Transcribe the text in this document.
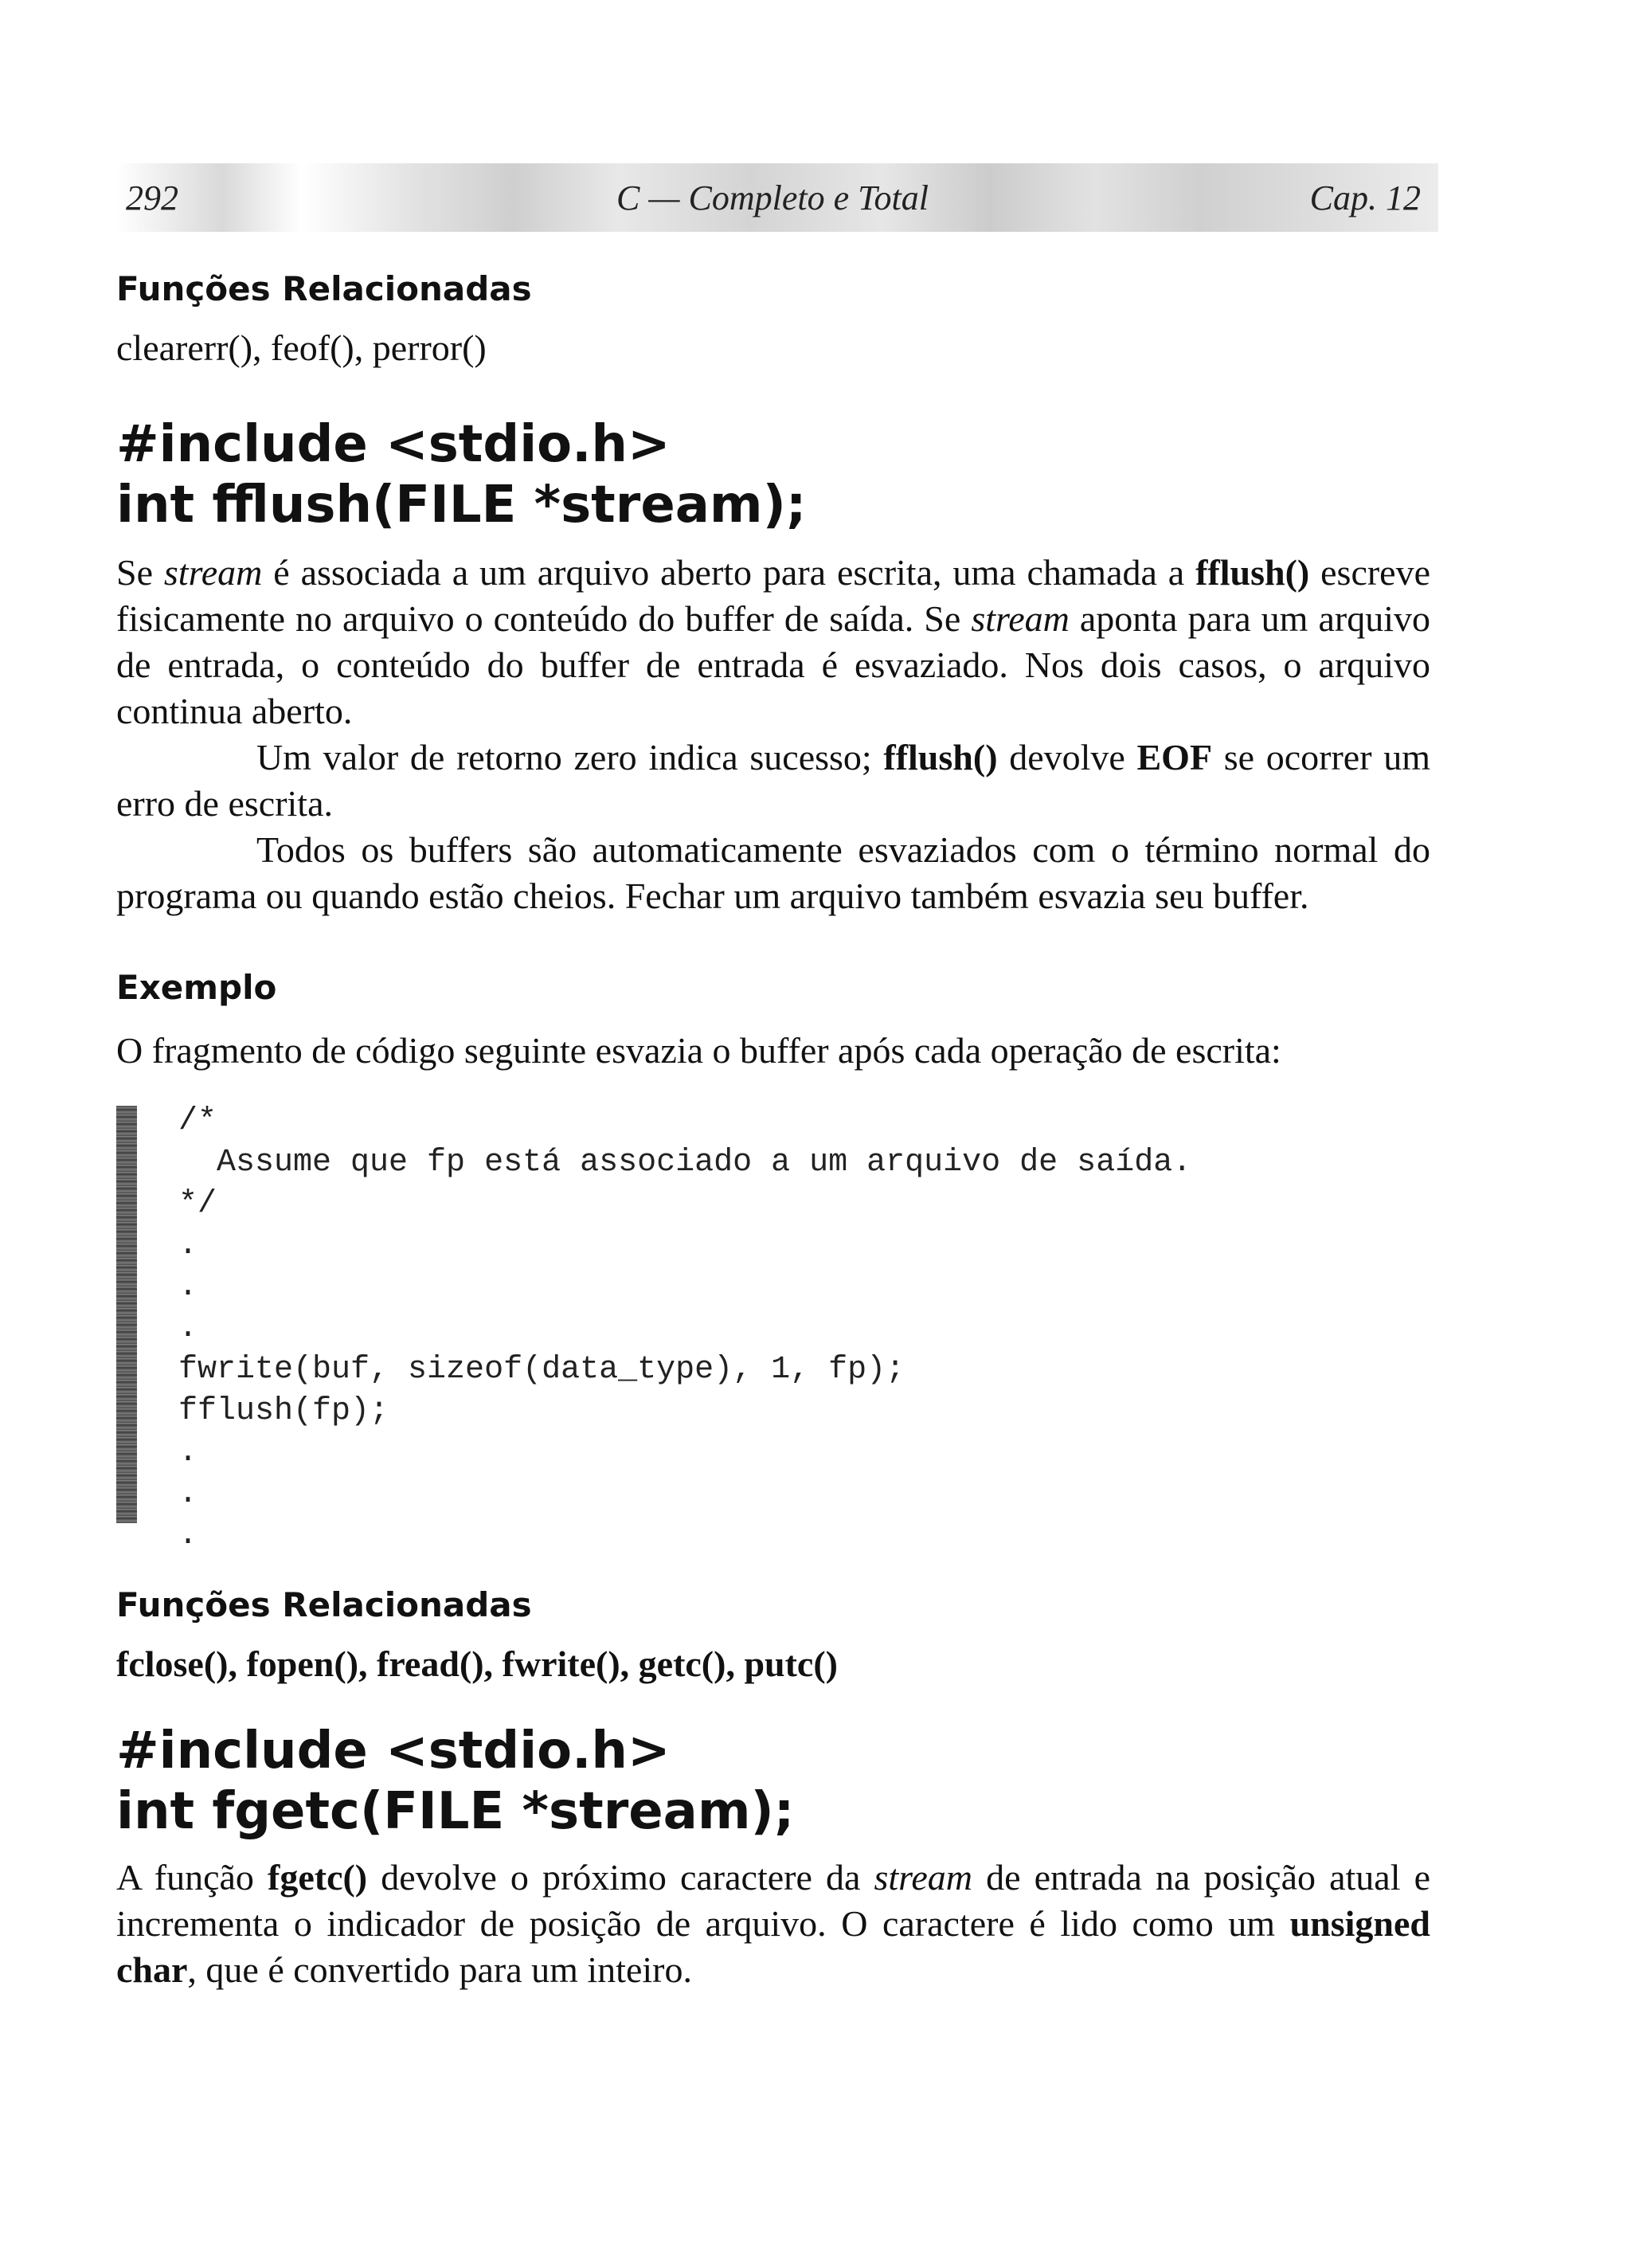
292	C — Completo e Total	Cap. 12
Funções Relacionadas
clearerr(), feof(), perror()
#include <stdio.h>
int fflush(FILE *stream);

Se stream é associada a um arquivo aberto para escrita, uma chamada a fflush() escreve fisicamente no arquivo o conteúdo do buffer de saída. Se stream aponta para um arquivo de entrada, o conteúdo do buffer de entrada é esvaziado. Nos dois casos, o arquivo continua aberto.

Um valor de retorno zero indica sucesso; fflush() devolve EOF se ocorrer um erro de escrita.

Todos os buffers são automaticamente esvaziados com o término normal do programa ou quando estão cheios. Fechar um arquivo também esvazia seu buffer.

Exemplo

O fragmento de código seguinte esvazia o buffer após cada operação de escrita:

/*
Assume que fp está associado a um arquivo de saída.
*/
.
.
.
fwrite(buf, sizeof(data_type), 1, fp);
fflush(fp);
.
.
.
Funções Relacionadas
fclose(), fopen(), fread(), fwrite(), getc(), putc()
#include <stdio.h>
int fgetc(FILE *stream);

A função fgetc() devolve o próximo caractere da stream de entrada na posição atual e incrementa o indicador de posição de arquivo. O caractere é lido como um unsigned char, que é convertido para um inteiro.
